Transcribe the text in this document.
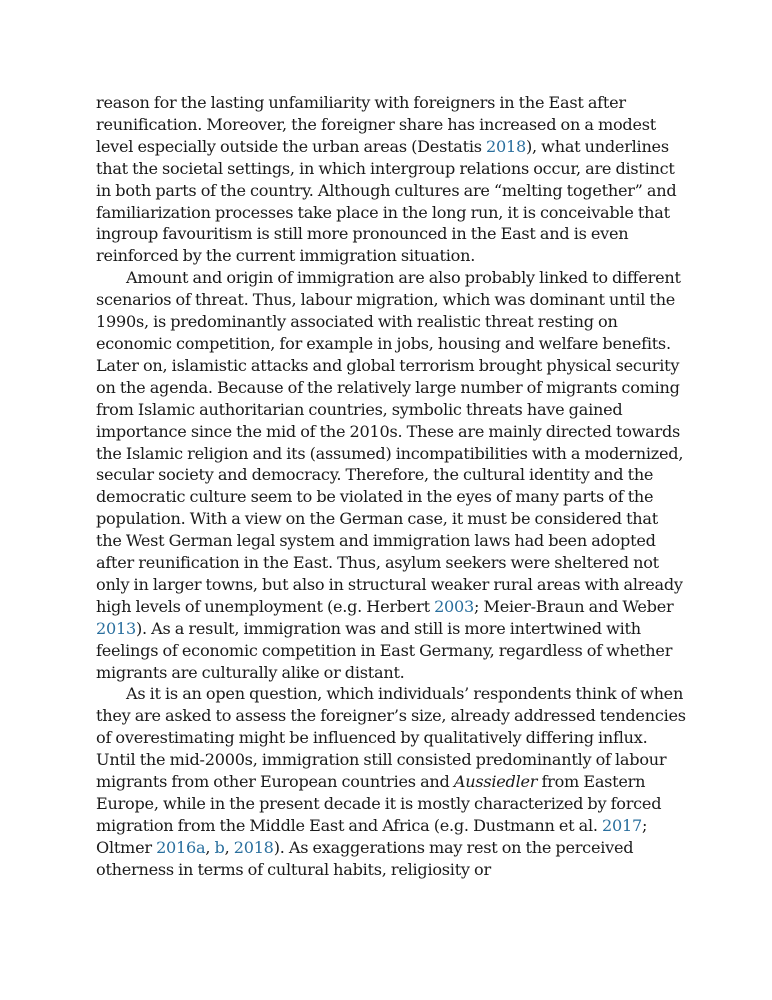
reason for the lasting unfamiliarity with foreigners in the East after reunification. Moreover, the foreigner share has increased on a modest level especially outside the urban areas (Destatis 2018), what underlines that the societal settings, in which intergroup relations occur, are distinct in both parts of the country. Although cultures are “melting together” and familiarization processes take place in the long run, it is conceivable that ingroup favouritism is still more pronounced in the East and is even reinforced by the current immigration situation.

Amount and origin of immigration are also probably linked to different scenarios of threat. Thus, labour migration, which was dominant until the 1990s, is predominantly associated with realistic threat resting on economic competition, for example in jobs, housing and welfare benefits. Later on, islamistic attacks and global terrorism brought physical security on the agenda. Because of the relatively large number of migrants coming from Islamic authoritarian countries, symbolic threats have gained importance since the mid of the 2010s. These are mainly directed towards the Islamic religion and its (assumed) incompatibilities with a modernized, secular society and democracy. Therefore, the cultural identity and the democratic culture seem to be violated in the eyes of many parts of the population. With a view on the German case, it must be considered that the West German legal system and immigration laws had been adopted after reunification in the East. Thus, asylum seekers were sheltered not only in larger towns, but also in structural weaker rural areas with already high levels of unemployment (e.g. Herbert 2003; Meier-Braun and Weber 2013). As a result, immigration was and still is more intertwined with feelings of economic competition in East Germany, regardless of whether migrants are culturally alike or distant.

As it is an open question, which individuals’ respondents think of when they are asked to assess the foreigner’s size, already addressed tendencies of overestimating might be influenced by qualitatively differing influx. Until the mid-2000s, immigration still consisted predominantly of labour migrants from other European countries and Aussiedler from Eastern Europe, while in the present decade it is mostly characterized by forced migration from the Middle East and Africa (e.g. Dustmann et al. 2017; Oltmer 2016a, b, 2018). As exaggerations may rest on the perceived otherness in terms of cultural habits, religiosity or
